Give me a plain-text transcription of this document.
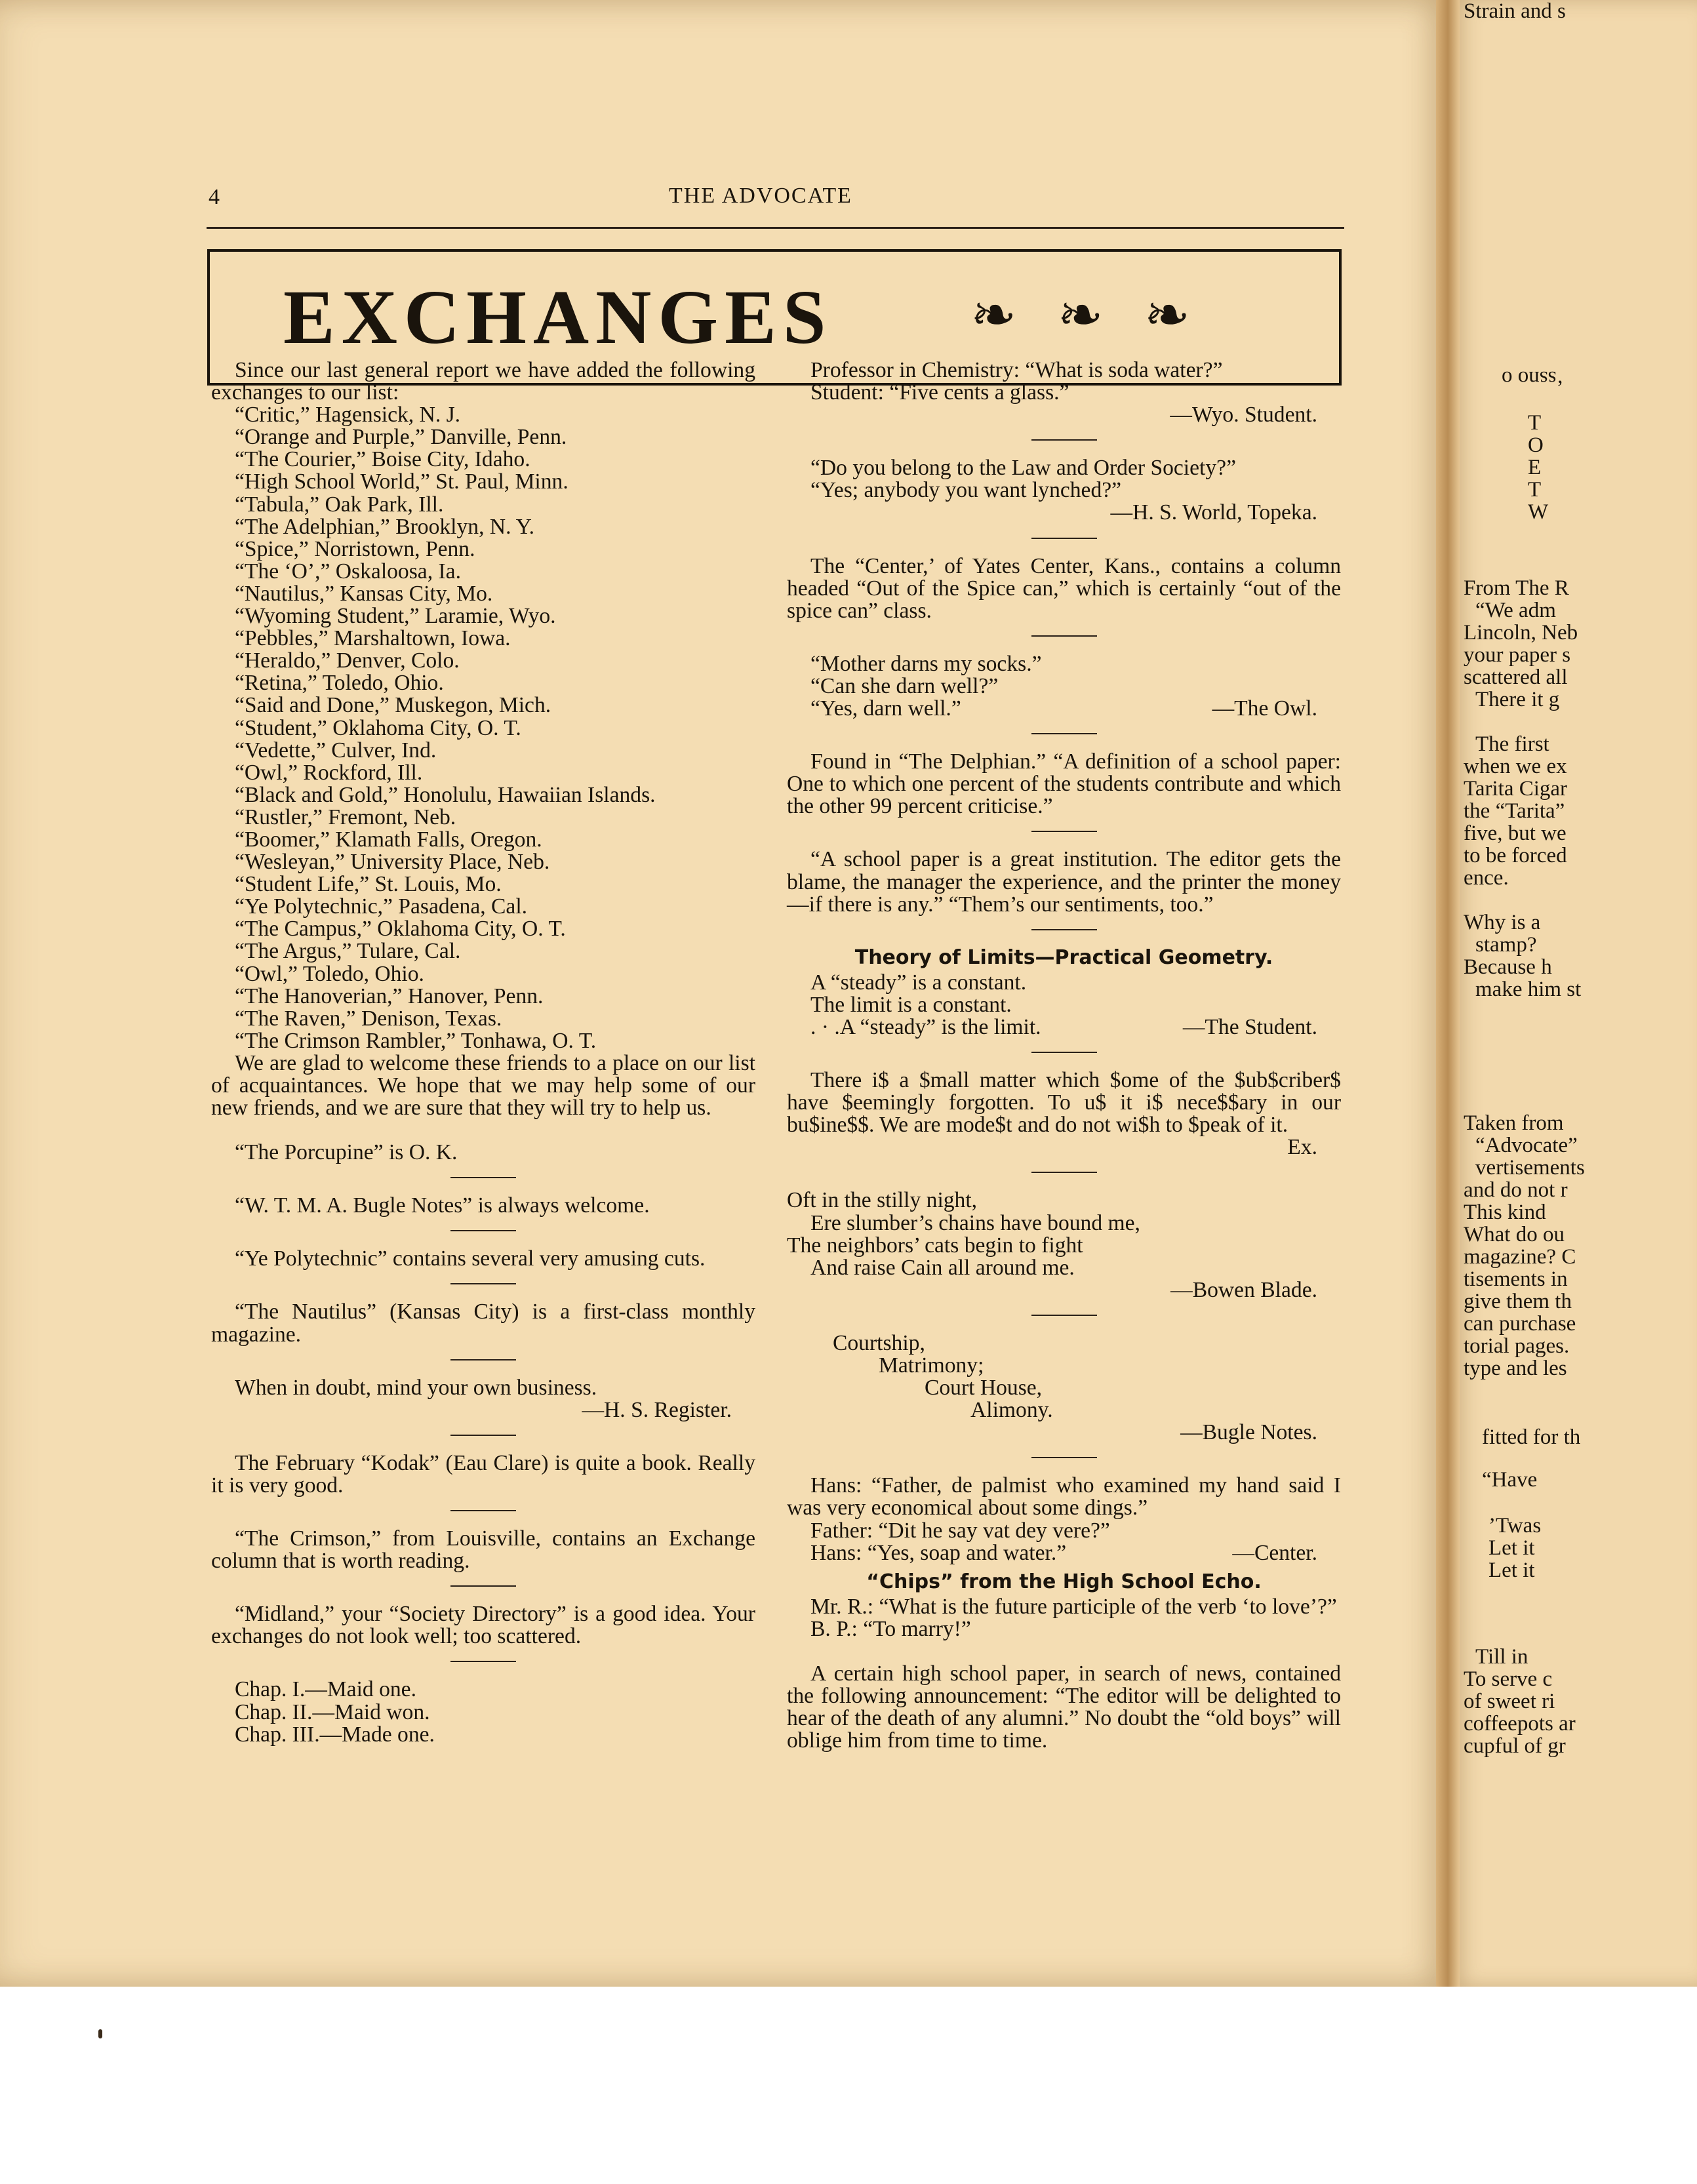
4	THE ADVOCATE
EXCHANGES	❧ ❧ ❧

Since our last general report we have added the following exchanges to our list:

“Critic,” Hagensick, N. J.

“Orange and Purple,” Danville, Penn.

“The Courier,” Boise City, Idaho.

“High School World,” St. Paul, Minn.

“Tabula,” Oak Park, Ill.

“The Adelphian,” Brooklyn, N. Y.

“Spice,” Norristown, Penn.

“The ‘O’,” Oskaloosa, Ia.

“Nautilus,” Kansas City, Mo.

“Wyoming Student,” Laramie, Wyo.

“Pebbles,” Marshaltown, Iowa.

“Heraldo,” Denver, Colo.

“Retina,” Toledo, Ohio.

“Said and Done,” Muskegon, Mich.

“Student,” Oklahoma City, O. T.

“Vedette,” Culver, Ind.

“Owl,” Rockford, Ill.

“Black and Gold,” Honolulu, Hawaiian Islands.

“Rustler,” Fremont, Neb.

“Boomer,” Klamath Falls, Oregon.

“Wesleyan,” University Place, Neb.

“Student Life,” St. Louis, Mo.

“Ye Polytechnic,” Pasadena, Cal.

“The Campus,” Oklahoma City, O. T.

“The Argus,” Tulare, Cal.

“Owl,” Toledo, Ohio.

“The Hanoverian,” Hanover, Penn.

“The Raven,” Denison, Texas.

“The Crimson Rambler,” Tonhawa, O. T.

We are glad to welcome these friends to a place on our list of acquaintances. We hope that we may help some of our new friends, and we are sure that they will try to help us.

“The Porcupine” is O. K.

“W. T. M. A. Bugle Notes” is always welcome.

“Ye Polytechnic” contains several very amusing cuts.

“The Nautilus” (Kansas City) is a first-class monthly magazine.

When in doubt, mind your own business.

—H. S. Register.

The February “Kodak” (Eau Clare) is quite a book. Really it is very good.

“The Crimson,” from Louisville, contains an Exchange column that is worth reading.

“Midland,” your “Society Directory” is a good idea. Your exchanges do not look well; too scattered.

Chap. I.—Maid one.

Chap. II.—Maid won.

Chap. III.—Made one.

Professor in Chemistry: “What is soda water?”

Student: “Five cents a glass.”

—Wyo. Student.

“Do you belong to the Law and Order Society?”

“Yes; anybody you want lynched?”

—H. S. World, Topeka.

The “Center,’ of Yates Center, Kans., contains a column headed “Out of the Spice can,” which is certainly “out of the spice can” class.

“Mother darns my socks.”

“Can she darn well?”

“Yes, darn well.”	—The Owl.

Found in “The Delphian.” “A definition of a school paper: One to which one percent of the students contribute and which the other 99 percent criticise.”

“A school paper is a great institution. The editor gets the blame, the manager the experience, and the printer the money—if there is any.” “Them’s our sentiments, too.”

Theory of Limits—Practical Geometry.

A “steady” is a constant.

The limit is a constant.

. · .A “steady” is the limit.	—The Student.

There i$ a $mall matter which $ome of the $ub$criber$ have $eemingly forgotten. To u$ it i$ nece$$ary in our bu$ine$$. We are mode$t and do not wi$h to $peak of it.

Ex.

Oft in the stilly night,

Ere slumber’s chains have bound me,

The neighbors’ cats begin to fight

And raise Cain all around me.

—Bowen Blade.

Courtship,

Matrimony;

Court House,

Alimony.

—Bugle Notes.

Hans: “Father, de palmist who examined my hand said I was very economical about some dings.”

Father: “Dit he say vat dey vere?”

Hans: “Yes, soap and water.”	—Center.

“Chips” from the High School Echo.

Mr. R.: “What is the future participle of the verb ‘to love’?”

B. P.: “To marry!”

A certain high school paper, in search of news, contained the following announcement: “The editor will be delighted to hear of the death of any alumni.” No doubt the “old boys” will oblige him from time to time.

‘ssno o
T
O
E
T
W
From The R
“We adm
Lincoln, Neb
your paper s
scattered all
There it g
The first
when we ex
Tarita Cigar
the “Tarita”
five, but we
to be forced
ence.
Why is a
stamp?
Because h
make him st
Taken from
“Advocate”
vertisements
and do not r
This kind
What do ou
magazine? C
tisements in
give them th
can purchase
torial pages.
type and les
fitted for th
“Have
’Twas
Let it
Let it
Till in
To serve c
of sweet ri
coffeepots ar
cupful of gr
Strain and s
